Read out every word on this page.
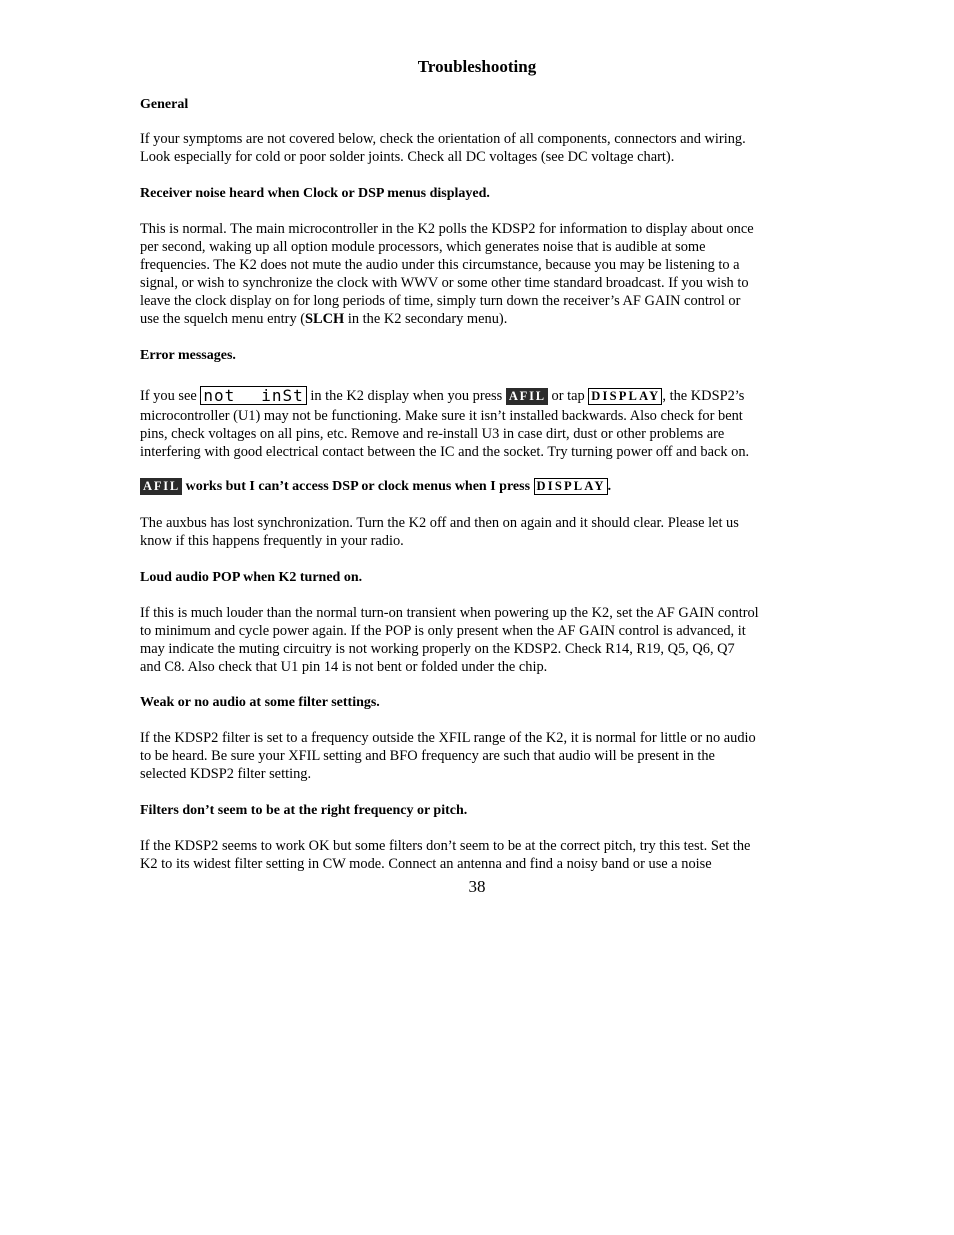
Troubleshooting
General
If your symptoms are not covered below, check the orientation of all components, connectors and wiring.
Look especially for cold or poor solder joints. Check all DC voltages (see DC voltage chart).
Receiver noise heard when Clock or DSP menus displayed.
This is normal. The main microcontroller in the K2 polls the KDSP2 for information to display about once
per second, waking up all option module processors, which generates noise that is audible at some
frequencies. The K2 does not mute the audio under this circumstance, because you may be listening to a
signal, or wish to synchronize the clock with WWV or some other time standard broadcast. If you wish to
leave the clock display on for long periods of time, simply turn down the receiver’s AF GAIN control or
use the squelch menu entry (SLCH in the K2 secondary menu).
Error messages.
If you see not inSt in the K2 display when you press AFIL or tap DISPLAY , the KDSP2’s
microcontroller (U1) may not be functioning. Make sure it isn’t installed backwards. Also check for bent
pins, check voltages on all pins, etc. Remove and re-install U3 in case dirt, dust or other problems are
interfering with good electrical contact between the IC and the socket. Try turning power off and back on.
AFIL works but I can’t access DSP or clock menus when I press DISPLAY .
The auxbus has lost synchronization. Turn the K2 off and then on again and it should clear. Please let us
know if this happens frequently in your radio.
Loud audio POP when K2 turned on.
If this is much louder than the normal turn-on transient when powering up the K2, set the AF GAIN control
to minimum and cycle power again. If the POP is only present when the AF GAIN control is advanced, it
may indicate the muting circuitry is not working properly on the KDSP2. Check R14, R19, Q5, Q6, Q7
and C8. Also check that U1 pin 14 is not bent or folded under the chip.
Weak or no audio at some filter settings.
If the KDSP2 filter is set to a frequency outside the XFIL range of the K2, it is normal for little or no audio
to be heard. Be sure your XFIL setting and BFO frequency are such that audio will be present in the
selected KDSP2 filter setting.
Filters don’t seem to be at the right frequency or pitch.
If the KDSP2 seems to work OK but some filters don’t seem to be at the correct pitch, try this test. Set the
K2 to its widest filter setting in CW mode. Connect an antenna and find a noisy band or use a noise
38
